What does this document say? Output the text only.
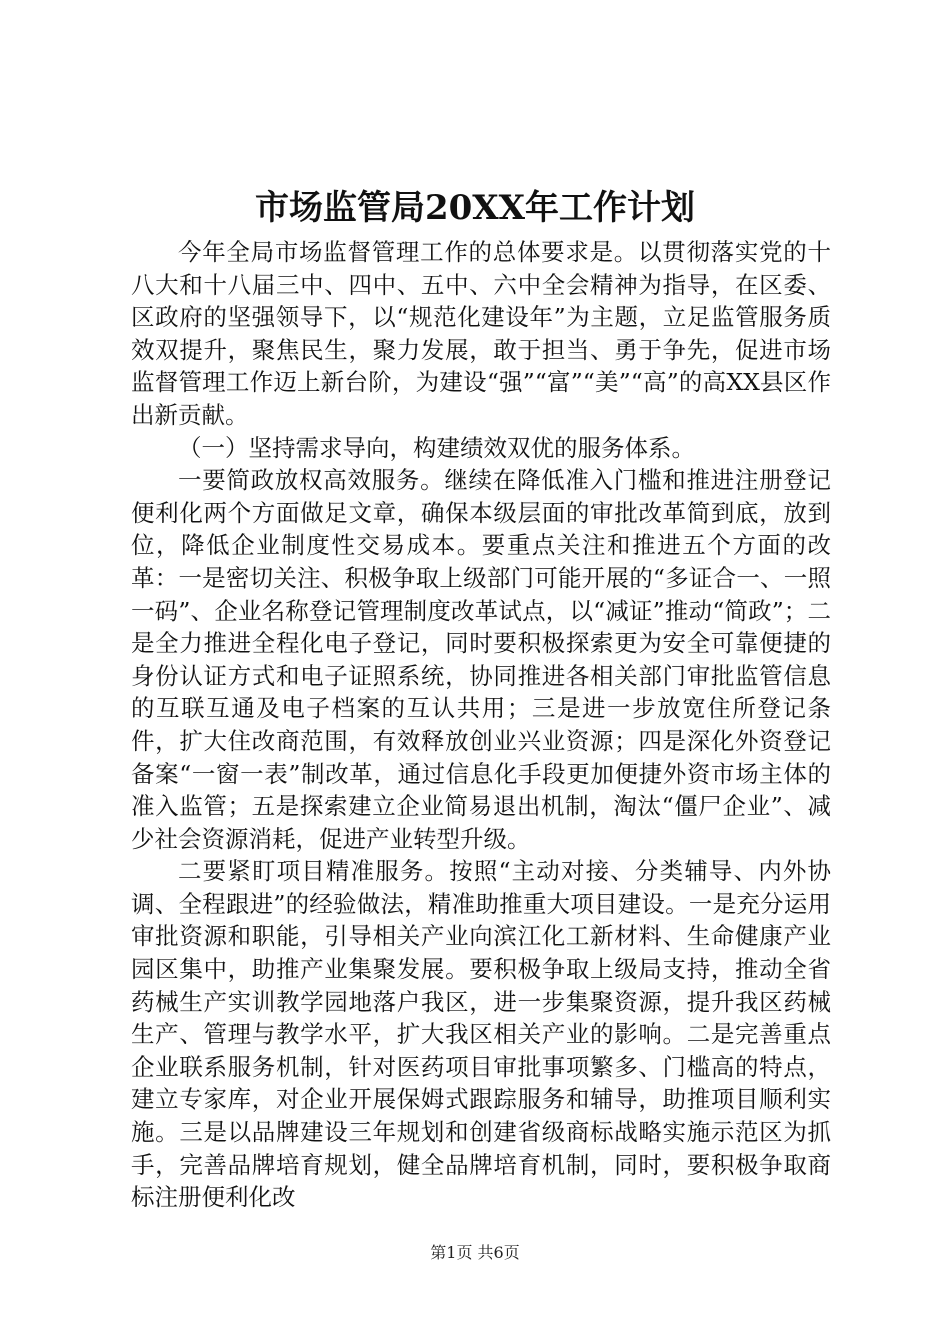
市场监管局20XX年工作计划

今年全局市场监督管理工作的总体要求是。以贯彻落实党的十八大和十八届三中、四中、五中、六中全会精神为指导，在区委、区政府的坚强领导下，以“规范化建设年”为主题，立足监管服务质效双提升，聚焦民生，聚力发展，敢于担当、勇于争先，促进市场监督管理工作迈上新台阶，为建设“强”“富”“美”“高”的高XX县区作出新贡献。

（一）坚持需求导向，构建绩效双优的服务体系。

一要简政放权高效服务。继续在降低准入门槛和推进注册登记便利化两个方面做足文章，确保本级层面的审批改革简到底，放到位，降低企业制度性交易成本。要重点关注和推进五个方面的改革：一是密切关注、积极争取上级部门可能开展的“多证合一、一照一码”、企业名称登记管理制度改革试点，以“减证”推动“简政”；二是全力推进全程化电子登记，同时要积极探索更为安全可靠便捷的身份认证方式和电子证照系统，协同推进各相关部门审批监管信息的互联互通及电子档案的互认共用；三是进一步放宽住所登记条件，扩大住改商范围，有效释放创业兴业资源；四是深化外资登记备案“一窗一表”制改革，通过信息化手段更加便捷外资市场主体的准入监管；五是探索建立企业简易退出机制，淘汰“僵尸企业”、减少社会资源消耗，促进产业转型升级。

二要紧盯项目精准服务。按照“主动对接、分类辅导、内外协调、全程跟进”的经验做法，精准助推重大项目建设。一是充分运用审批资源和职能，引导相关产业向滨江化工新材料、生命健康产业园区集中，助推产业集聚发展。要积极争取上级局支持，推动全省药械生产实训教学园地落户我区，进一步集聚资源，提升我区药械生产、管理与教学水平，扩大我区相关产业的影响。二是完善重点企业联系服务机制，针对医药项目审批事项繁多、门槛高的特点，建立专家库，对企业开展保姆式跟踪服务和辅导，助推项目顺利实施。三是以品牌建设三年规划和创建省级商标战略实施示范区为抓手，完善品牌培育规划，健全品牌培育机制，同时，要积极争取商标注册便利化改

第1页 共6页
